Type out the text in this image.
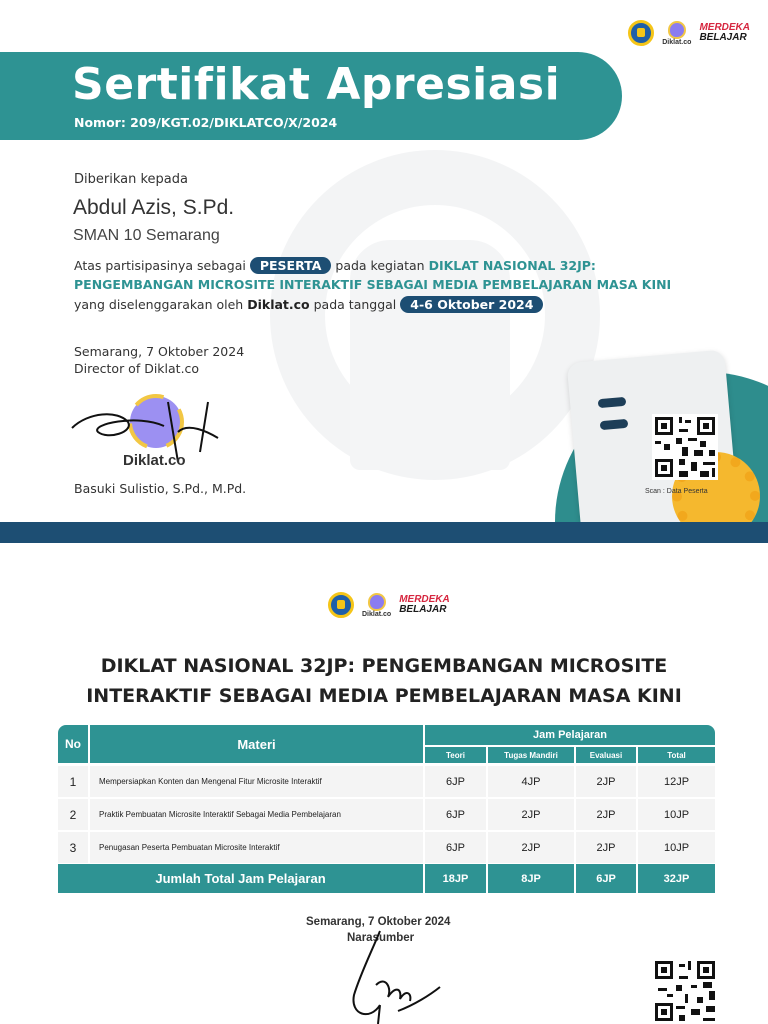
Diklat.co
MERDEKA
BELAJAR
Sertifikat Apresiasi
Nomor: 209/KGT.02/DIKLATCO/X/2024
Diberikan kepada
Abdul Azis, S.Pd.
SMAN 10 Semarang
Atas partisipasinya sebagai PESERTA pada kegiatan DIKLAT NASIONAL 32JP:
PENGEMBANGAN MICROSITE INTERAKTIF SEBAGAI MEDIA PEMBELAJARAN MASA KINI
yang diselenggarakan oleh Diklat.co pada tanggal 4-6 Oktober 2024
Semarang, 7 Oktober 2024
Director of Diklat.co
Diklat.co
Basuki Sulistio, S.Pd., M.Pd.	Scan : Data Peserta
Diklat.co
MERDEKA
BELAJAR
DIKLAT NASIONAL 32JP: PENGEMBANGAN MICROSITE
INTERAKTIF SEBAGAI MEDIA PEMBELAJARAN MASA KINI
No	Materi
Jam Pelajaran
Teori	Tugas Mandiri	Evaluasi	Total
1	Mempersiapkan Konten dan Mengenal Fitur Microsite Interaktif	6JP	4JP	2JP	12JP
2	Praktik Pembuatan Microsite Interaktif Sebagai Media Pembelajaran	6JP	2JP	2JP	10JP
3	Penugasan Peserta Pembuatan Microsite Interaktif	6JP	2JP	2JP	10JP
Jumlah Total Jam Pelajaran	18JP	8JP	6JP	32JP
Semarang, 7 Oktober 2024
Narasumber
